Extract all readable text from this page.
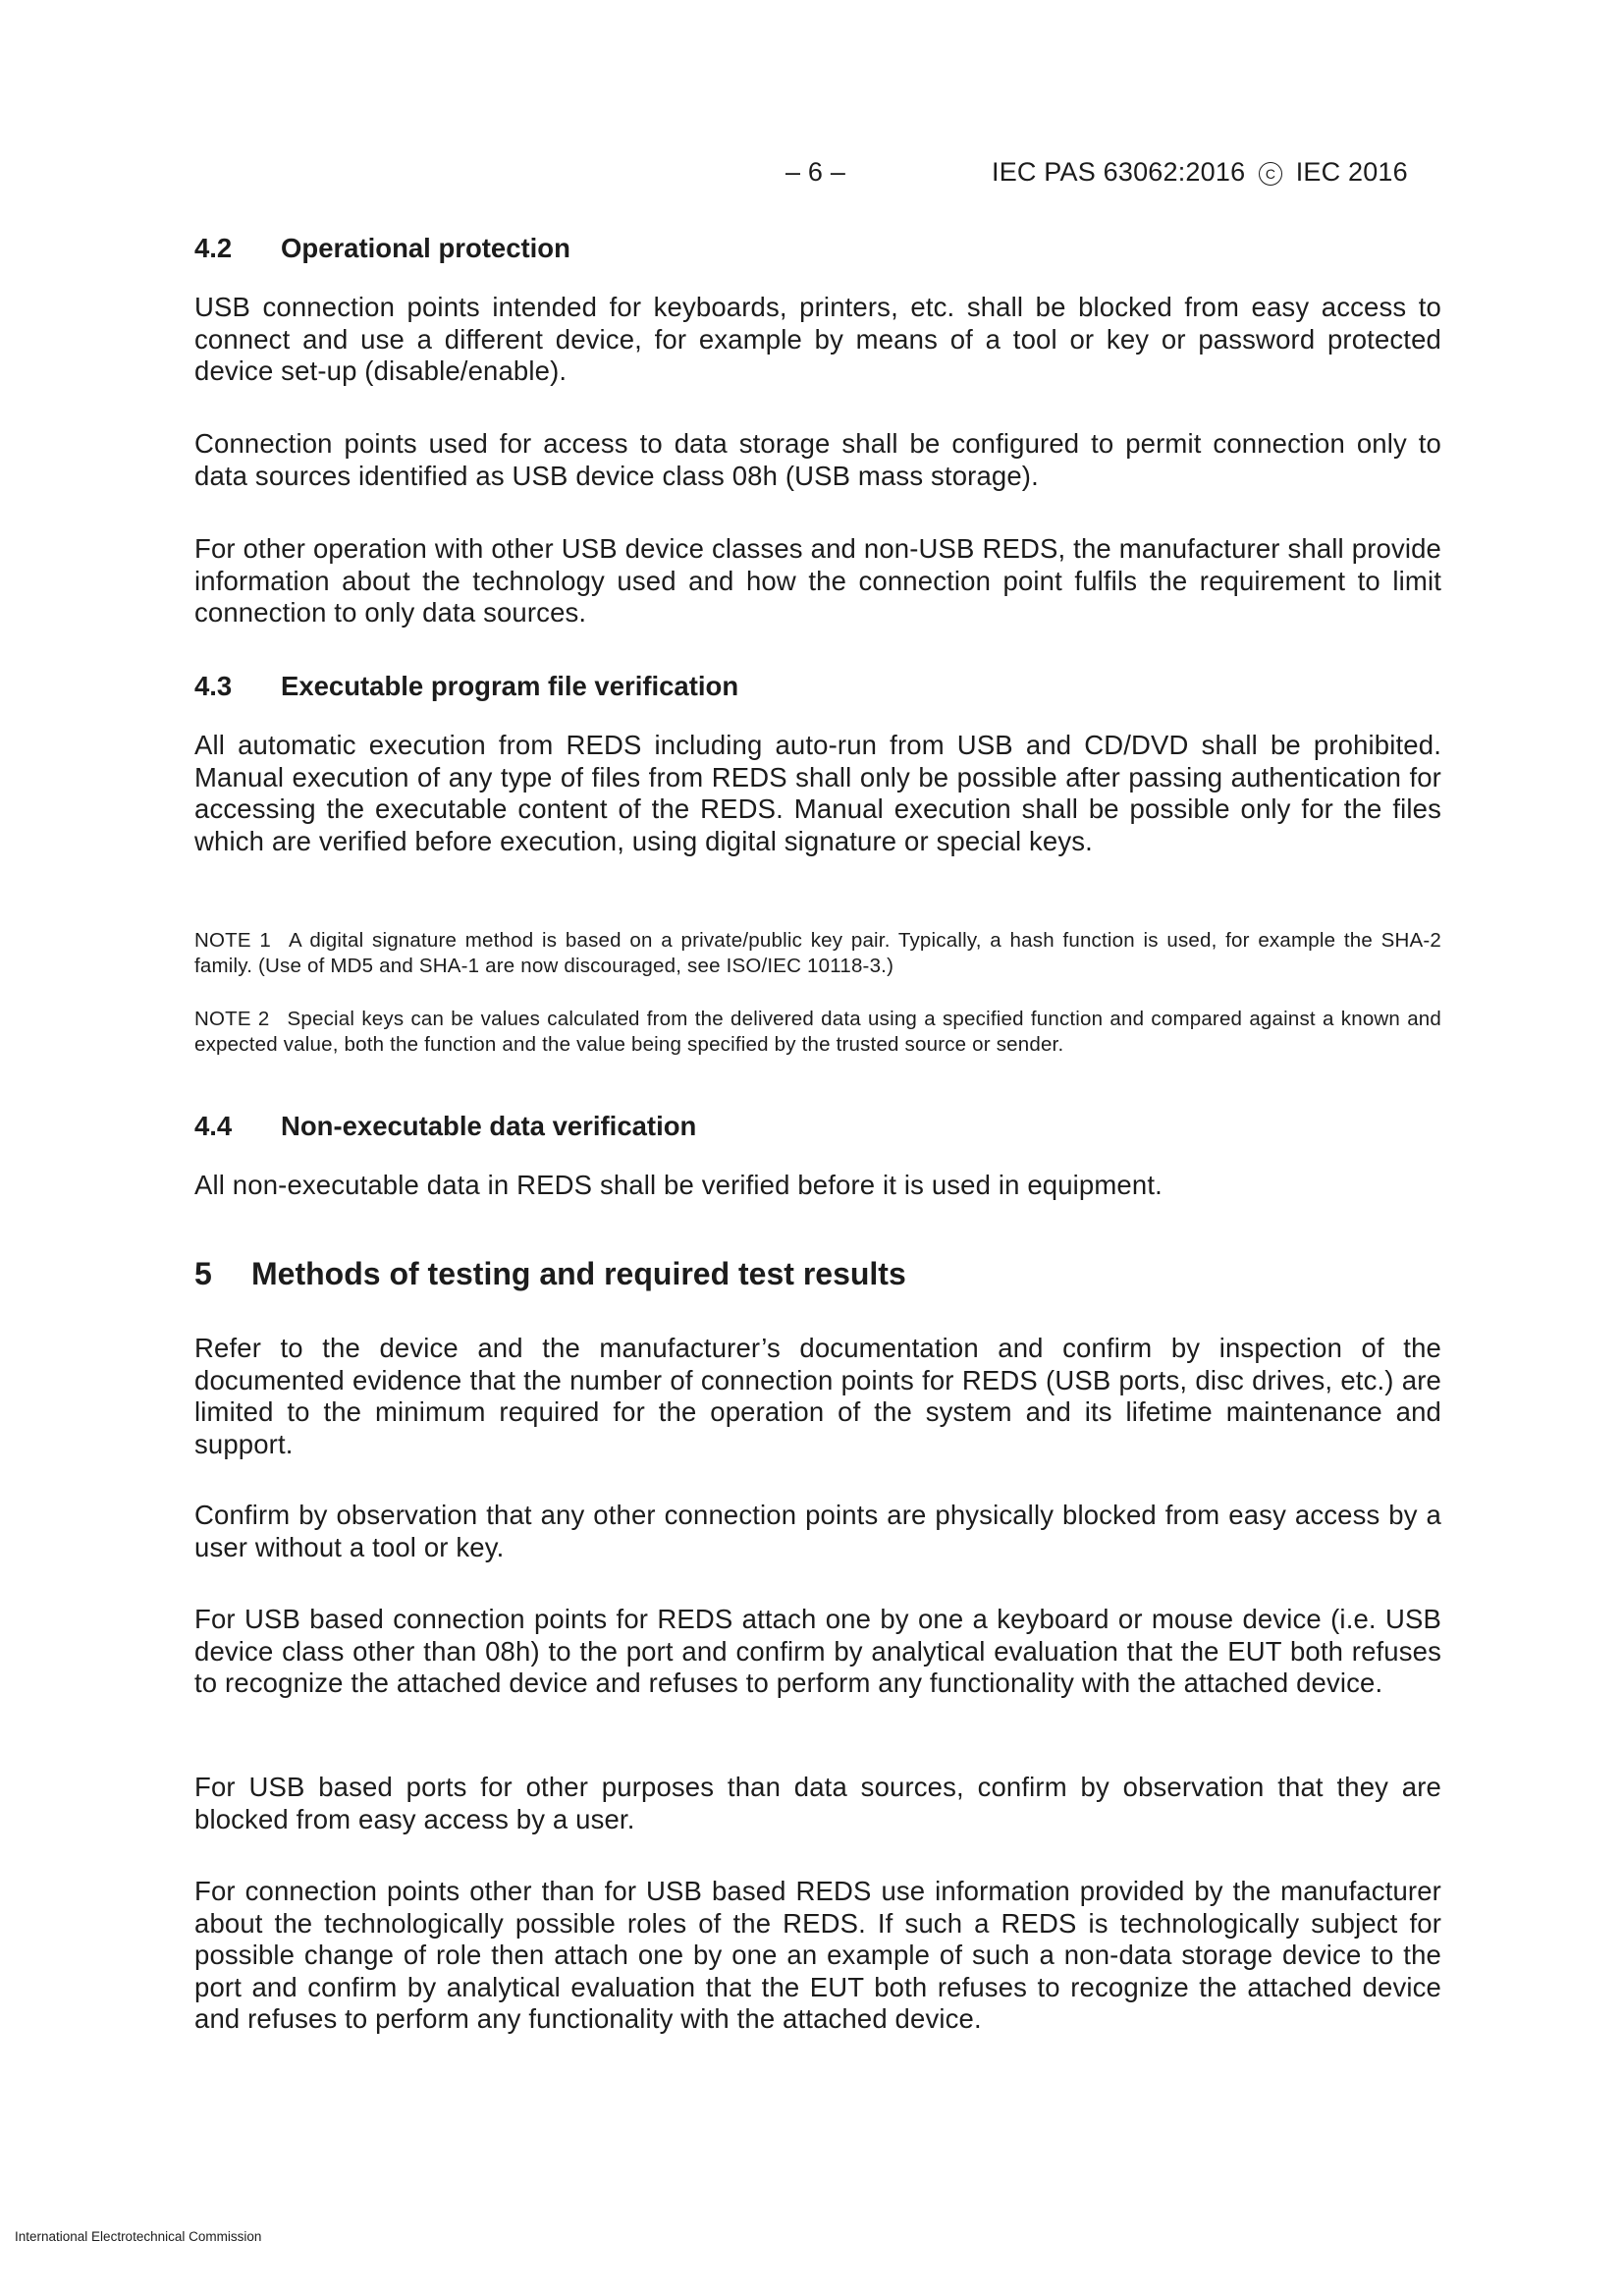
– 6 –	IEC PAS 63062:2016 C IEC 2016
4.2 Operational protection

USB connection points intended for keyboards, printers, etc. shall be blocked from easy access to connect and use a different device, for example by means of a tool or key or password protected device set-up (disable/enable).

Connection points used for access to data storage shall be configured to permit connection only to data sources identified as USB device class 08h (USB mass storage).

For other operation with other USB device classes and non-USB REDS, the manufacturer shall provide information about the technology used and how the connection point fulfils the requirement to limit connection to only data sources.

4.3 Executable program file verification

All automatic execution from REDS including auto-run from USB and CD/DVD shall be prohibited. Manual execution of any type of files from REDS shall only be possible after passing authentication for accessing the executable content of the REDS. Manual execution shall be possible only for the files which are verified before execution, using digital signature or special keys.

NOTE 1 A digital signature method is based on a private/public key pair. Typically, a hash function is used, for example the SHA-2 family. (Use of MD5 and SHA-1 are now discouraged, see ISO/IEC 10118-3.)

NOTE 2 Special keys can be values calculated from the delivered data using a specified function and compared against a known and expected value, both the function and the value being specified by the trusted source or sender.

4.4 Non-executable data verification

All non-executable data in REDS shall be verified before it is used in equipment.

5 Methods of testing and required test results

Refer to the device and the manufacturer’s documentation and confirm by inspection of the documented evidence that the number of connection points for REDS (USB ports, disc drives, etc.) are limited to the minimum required for the operation of the system and its lifetime maintenance and support.

Confirm by observation that any other connection points are physically blocked from easy access by a user without a tool or key.

For USB based connection points for REDS attach one by one a keyboard or mouse device (i.e. USB device class other than 08h) to the port and confirm by analytical evaluation that the EUT both refuses to recognize the attached device and refuses to perform any functionality with the attached device.

For USB based ports for other purposes than data sources, confirm by observation that they are blocked from easy access by a user.

For connection points other than for USB based REDS use information provided by the manufacturer about the technologically possible roles of the REDS. If such a REDS is technologically subject for possible change of role then attach one by one an example of such a non-data storage device to the port and confirm by analytical evaluation that the EUT both refuses to recognize the attached device and refuses to perform any functionality with the attached device.

International Electrotechnical Commission
